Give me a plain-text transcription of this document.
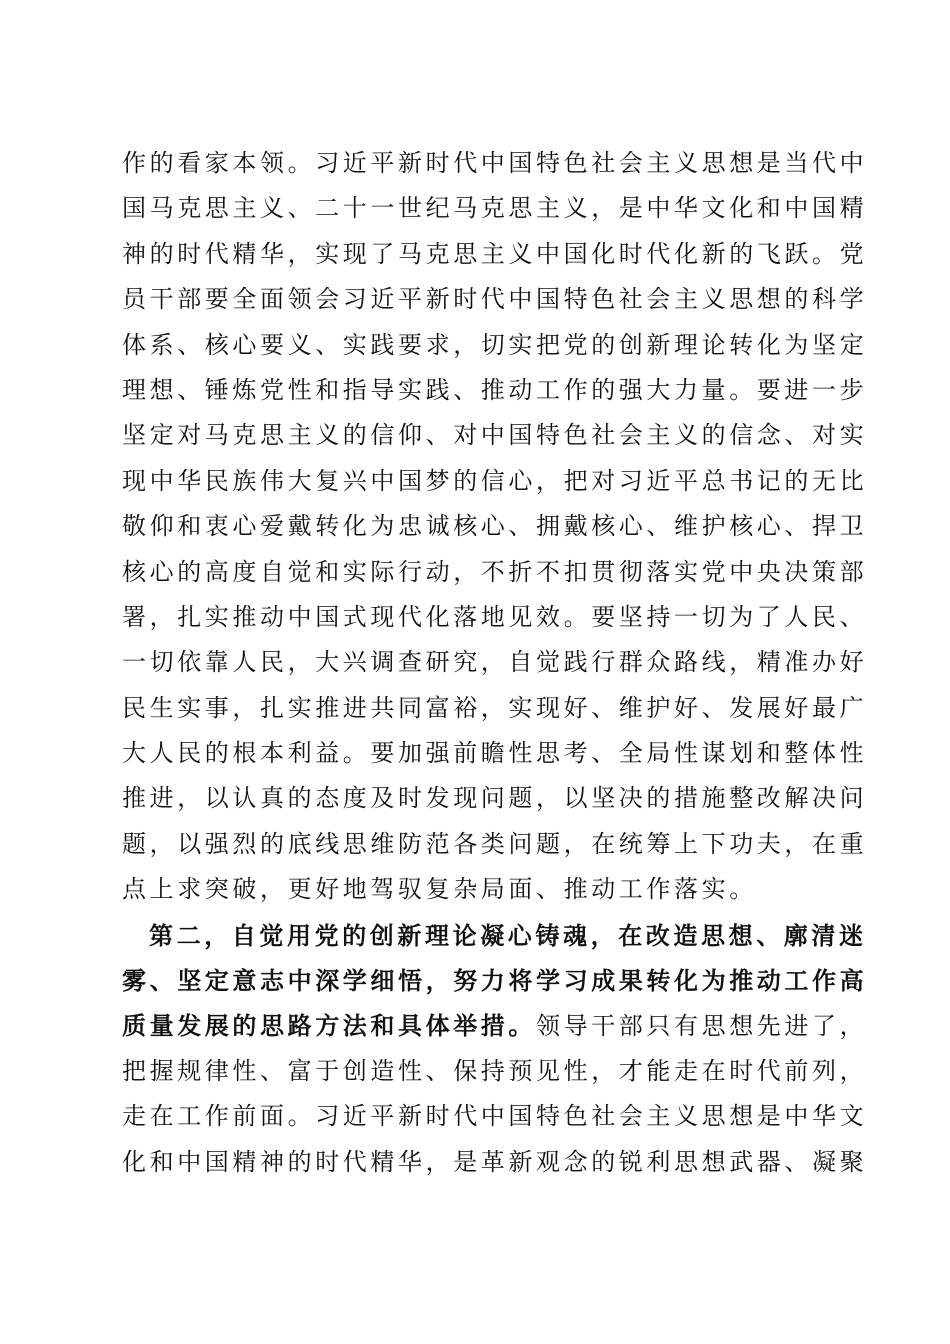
作的看家本领。习近平新时代中国特色社会主义思想是当代中
国马克思主义、二十一世纪马克思主义，是中华文化和中国精
神的时代精华，实现了马克思主义中国化时代化新的飞跃。党
员干部要全面领会习近平新时代中国特色社会主义思想的科学
体系、核心要义、实践要求，切实把党的创新理论转化为坚定
理想、锤炼党性和指导实践、推动工作的强大力量。要进一步
坚定对马克思主义的信仰、对中国特色社会主义的信念、对实
现中华民族伟大复兴中国梦的信心，把对习近平总书记的无比
敬仰和衷心爱戴转化为忠诚核心、拥戴核心、维护核心、捍卫
核心的高度自觉和实际行动，不折不扣贯彻落实党中央决策部
署，扎实推动中国式现代化落地见效。要坚持一切为了人民、
一切依靠人民，大兴调查研究，自觉践行群众路线，精准办好
民生实事，扎实推进共同富裕，实现好、维护好、发展好最广
大人民的根本利益。要加强前瞻性思考、全局性谋划和整体性
推进，以认真的态度及时发现问题，以坚决的措施整改解决问
题，以强烈的底线思维防范各类问题，在统筹上下功夫，在重
点上求突破，更好地驾驭复杂局面、推动工作落实。
第二，自觉用党的创新理论凝心铸魂，在改造思想、廓清迷
雾、坚定意志中深学细悟，努力将学习成果转化为推动工作高
质量发展的思路方法和具体举措。领导干部只有思想先进了，
把握规律性、富于创造性、保持预见性，才能走在时代前列，
走在工作前面。习近平新时代中国特色社会主义思想是中华文
化和中国精神的时代精华，是革新观念的锐利思想武器、凝聚
